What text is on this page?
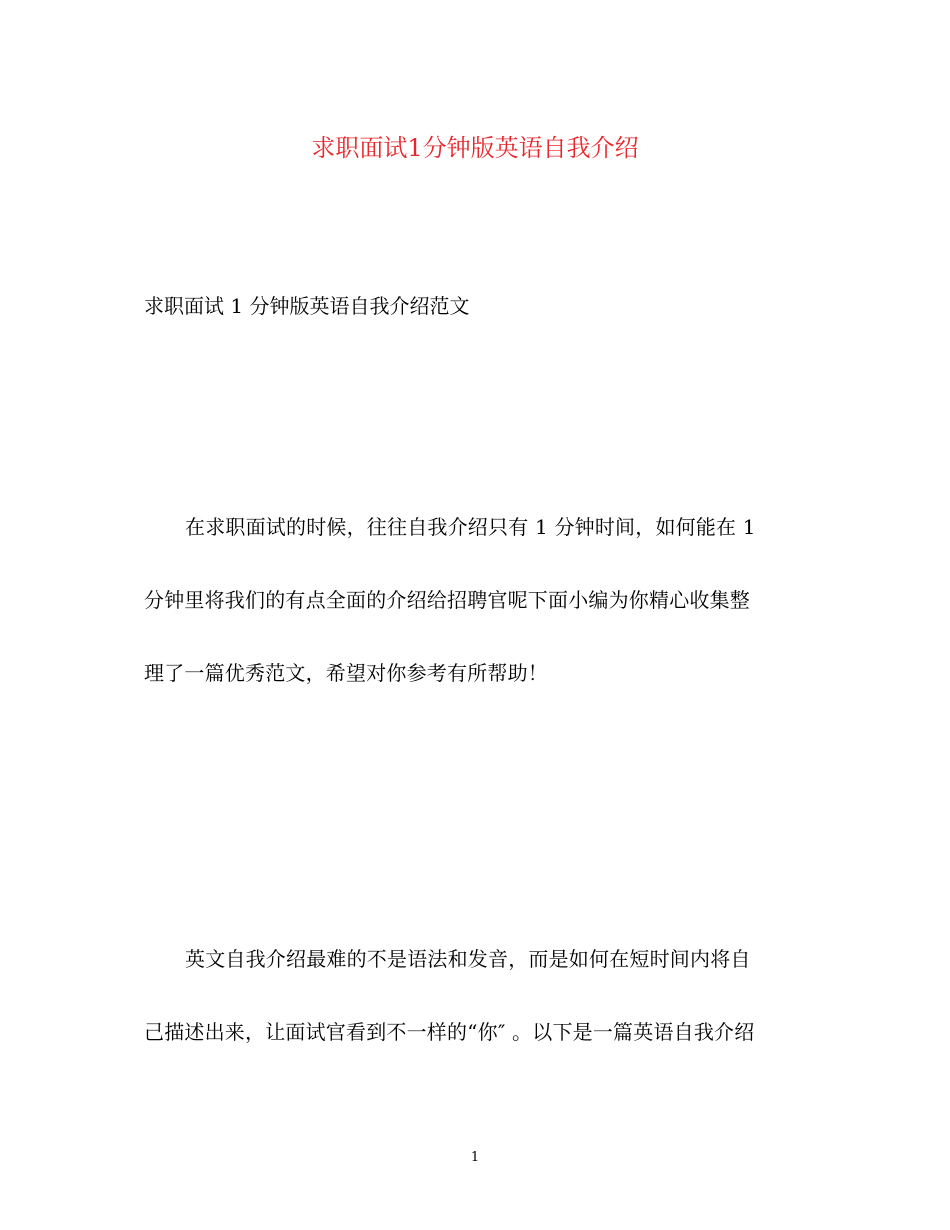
求职面试1分钟版英语自我介绍
求职面试 1 分钟版英语自我介绍范文
在求职面试的时候，往往自我介绍只有 1 分钟时间，如何能在 1
分钟里将我们的有点全面的介绍给招聘官呢下面小编为你精心收集整
理了一篇优秀范文，希望对你参考有所帮助！
英文自我介绍最难的不是语法和发音，而是如何在短时间内将自
己描述出来，让面试官看到不一样的“你″ 。以下是一篇英语自我介绍
1
